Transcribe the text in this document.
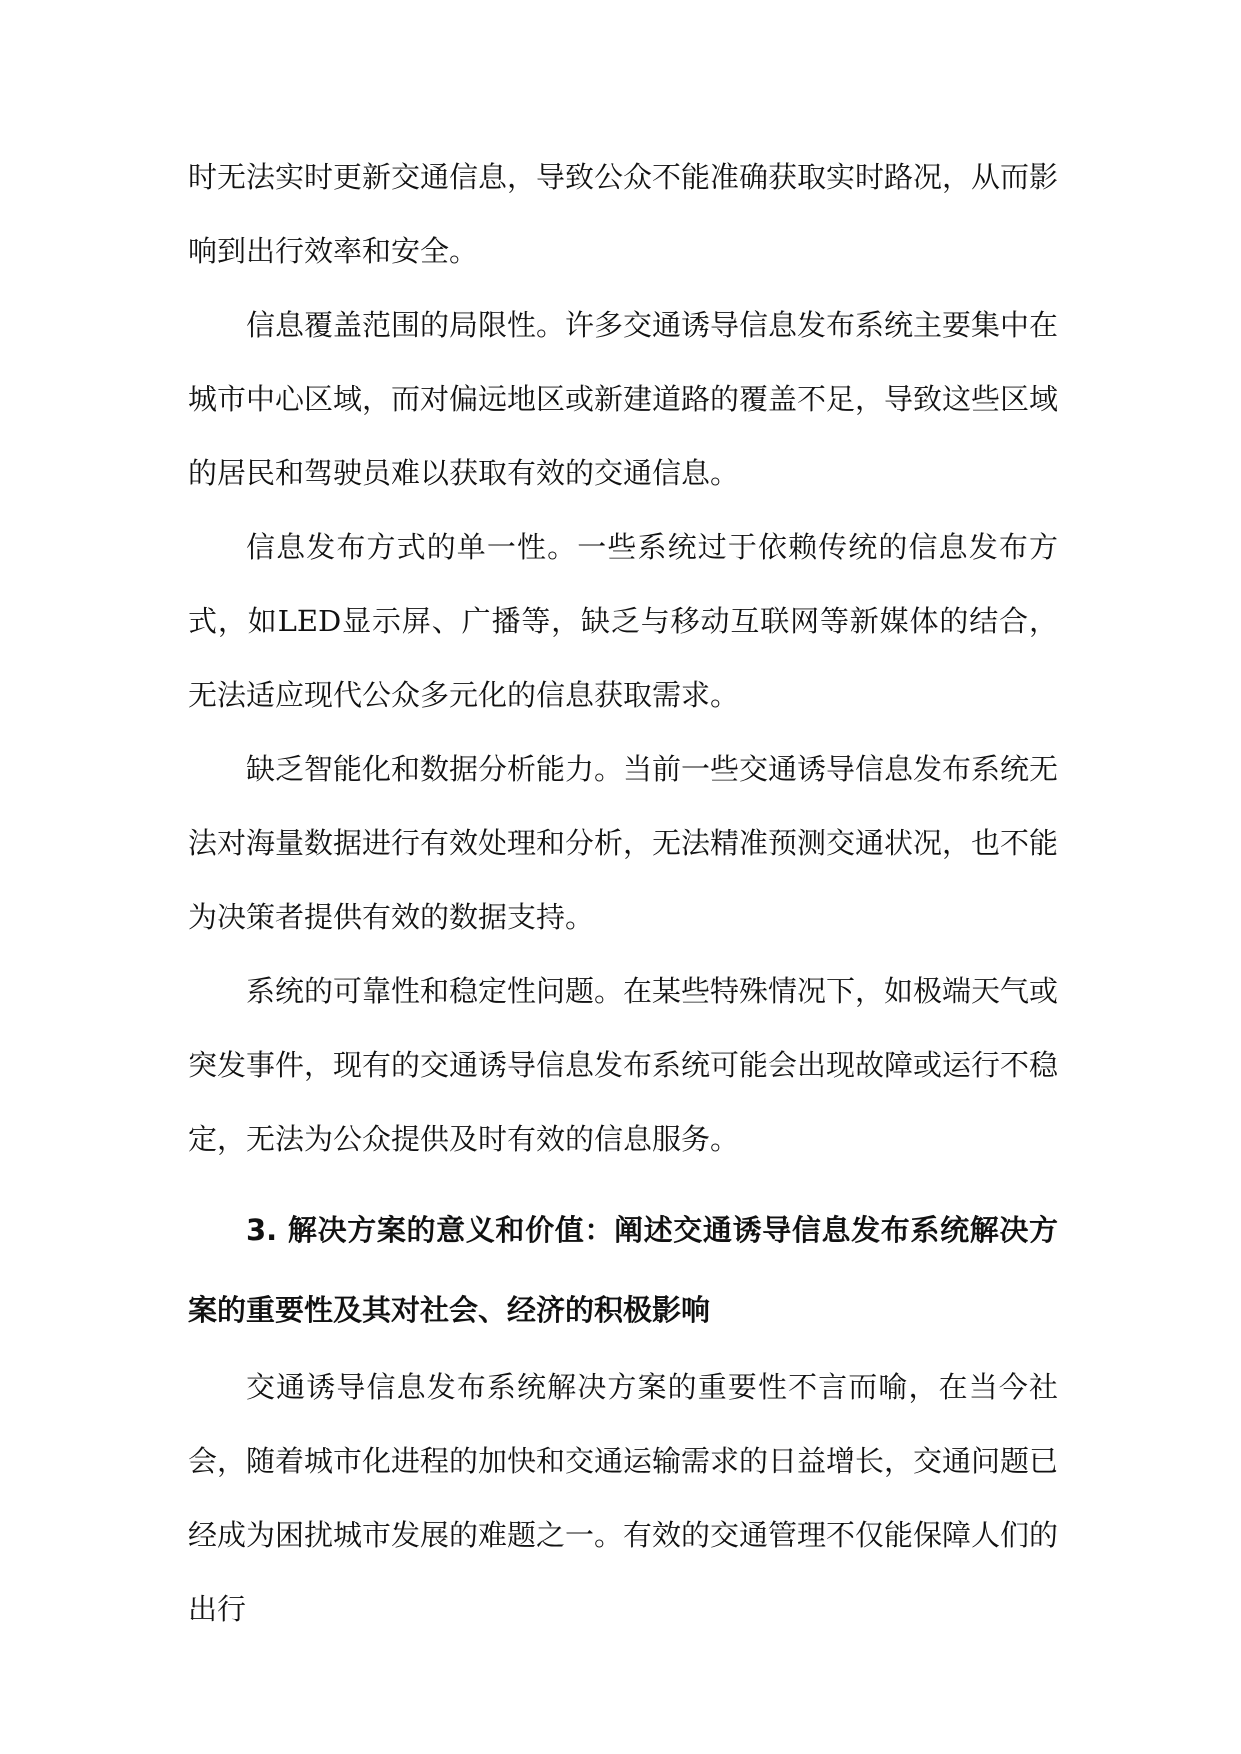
时无法实时更新交通信息，导致公众不能准确获取实时路况，从而影响到出行效率和安全。

信息覆盖范围的局限性。许多交通诱导信息发布系统主要集中在城市中心区域，而对偏远地区或新建道路的覆盖不足，导致这些区域的居民和驾驶员难以获取有效的交通信息。

信息发布方式的单一性。一些系统过于依赖传统的信息发布方式，如LED显示屏、广播等，缺乏与移动互联网等新媒体的结合，无法适应现代公众多元化的信息获取需求。

缺乏智能化和数据分析能力。当前一些交通诱导信息发布系统无法对海量数据进行有效处理和分析，无法精准预测交通状况，也不能为决策者提供有效的数据支持。

系统的可靠性和稳定性问题。在某些特殊情况下，如极端天气或突发事件，现有的交通诱导信息发布系统可能会出现故障或运行不稳定，无法为公众提供及时有效的信息服务。

3. 解决方案的意义和价值：阐述交通诱导信息发布系统解决方案的重要性及其对社会、经济的积极影响

交通诱导信息发布系统解决方案的重要性不言而喻，在当今社会，随着城市化进程的加快和交通运输需求的日益增长，交通问题已经成为困扰城市发展的难题之一。有效的交通管理不仅能保障人们的出行
